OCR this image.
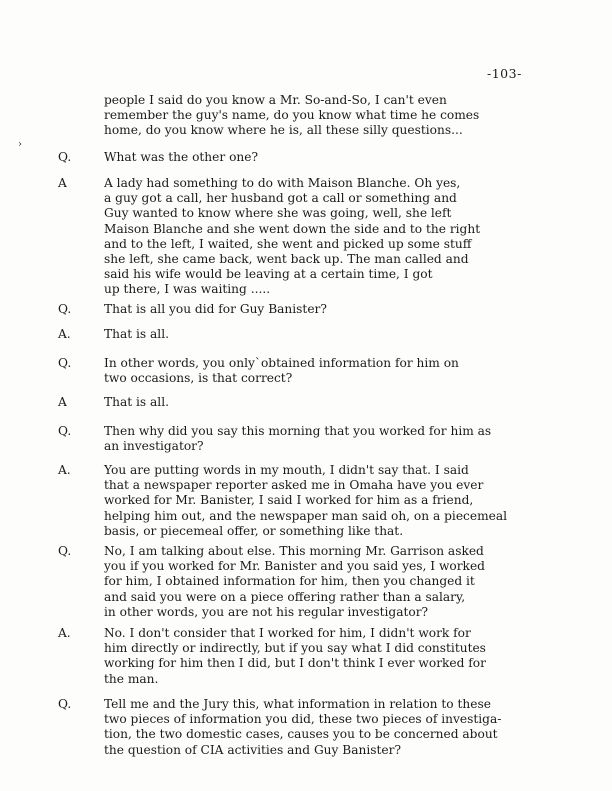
-103-
›
people I said do you know a Mr. So-and-So, I can't even
remember the guy's name, do you know what time he comes
home, do you know where he is, all these silly questions...
Q.	What was the other one?
A	A lady had something to do with Maison Blanche. Oh yes,
a guy got a call, her husband got a call or something and
Guy wanted to know where she was going, well, she left
Maison Blanche and she went down the side and to the right
and to the left, I waited, she went and picked up some stuff
she left, she came back, went back up. The man called and
said his wife would be leaving at a certain time, I got
up there, I was waiting .....
Q.	That is all you did for Guy Banister?
A.	That is all.
Q.	In other words, you only`obtained information for him on
two occasions, is that correct?
A	That is all.
Q.	Then why did you say this morning that you worked for him as
an investigator?
A.	You are putting words in my mouth, I didn't say that. I said
that a newspaper reporter asked me in Omaha have you ever
worked for Mr. Banister, I said I worked for him as a friend,
helping him out, and the newspaper man said oh, on a piecemeal
basis, or piecemeal offer, or something like that.
Q.	No, I am talking about else. This morning Mr. Garrison asked
you if you worked for Mr. Banister and you said yes, I worked
for him, I obtained information for him, then you changed it
and said you were on a piece offering rather than a salary,
in other words, you are not his regular investigator?
A.	No. I don't consider that I worked for him, I didn't work for
him directly or indirectly, but if you say what I did constitutes
working for him then I did, but I don't think I ever worked for
the man.
Q.	Tell me and the Jury this, what information in relation to these
two pieces of information you did, these two pieces of investiga-
tion, the two domestic cases, causes you to be concerned about
the question of CIA activities and Guy Banister?
